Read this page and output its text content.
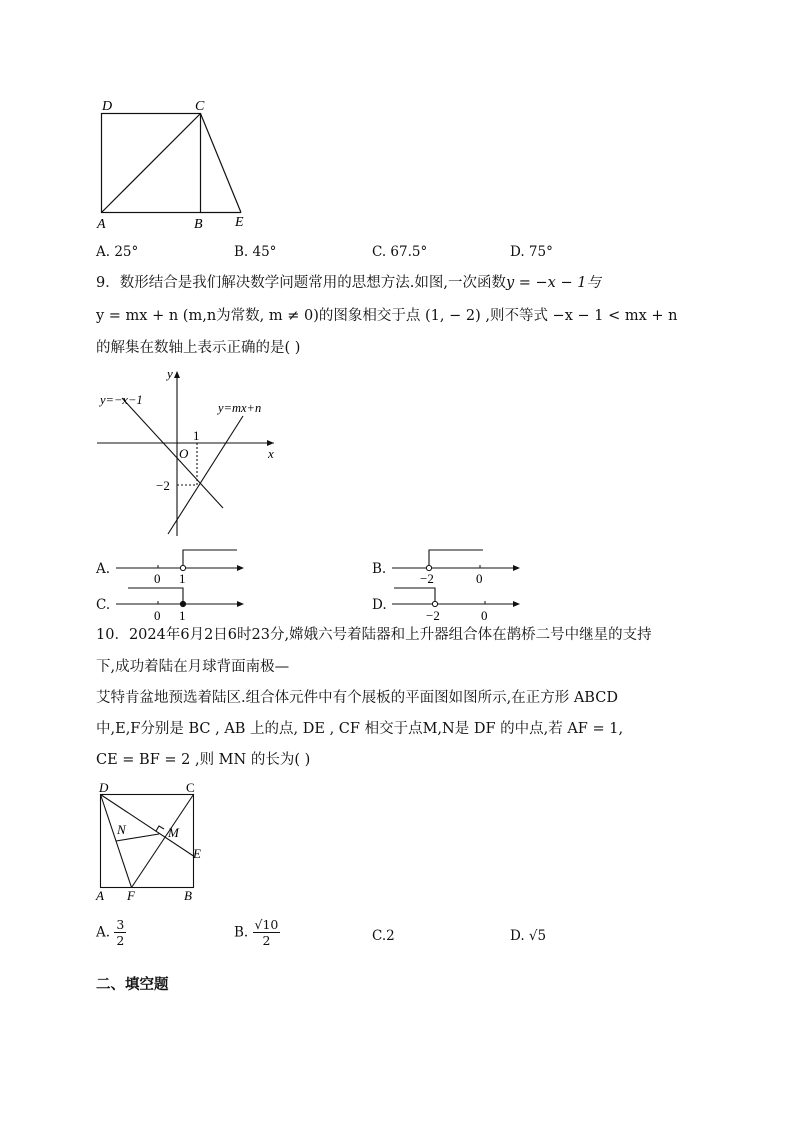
D	C
A	B E
A. 25°	B. 45°	C. 67.5°	D. 75°
9．数形结合是我们解决数学问题常用的思想方法.如图,一次函数y = −x − 1与
y = mx + n (m,n为常数, m ≠ 0)的图象相交于点 (1, − 2) ,则不等式 −x − 1 < mx + n
的解集在数轴上表示正确的是( )
y
x
O
1
−2
y=−x−1
y=mx+n
A.
0 1
B.
−2	0
C.
0 1
D.
−2	0
10．2024年6月2日6时23分,嫦娥六号着陆器和上升器组合体在鹊桥二号中继星的支持
下,成功着陆在月球背面南极—
艾特肯盆地预选着陆区.组合体元件中有个展板的平面图如图所示,在正方形 ABCD
中,E,F分别是 BC , AB 上的点, DE , CF 相交于点M,N是 DF 的中点,若 AF = 1,
CE = BF = 2 ,则 MN 的长为( )
D	C
N	M
E
A F	B
A. $\frac{3}{2}$	B. $\frac{√10}{2}$	C.2	D. √5
二、填空题
